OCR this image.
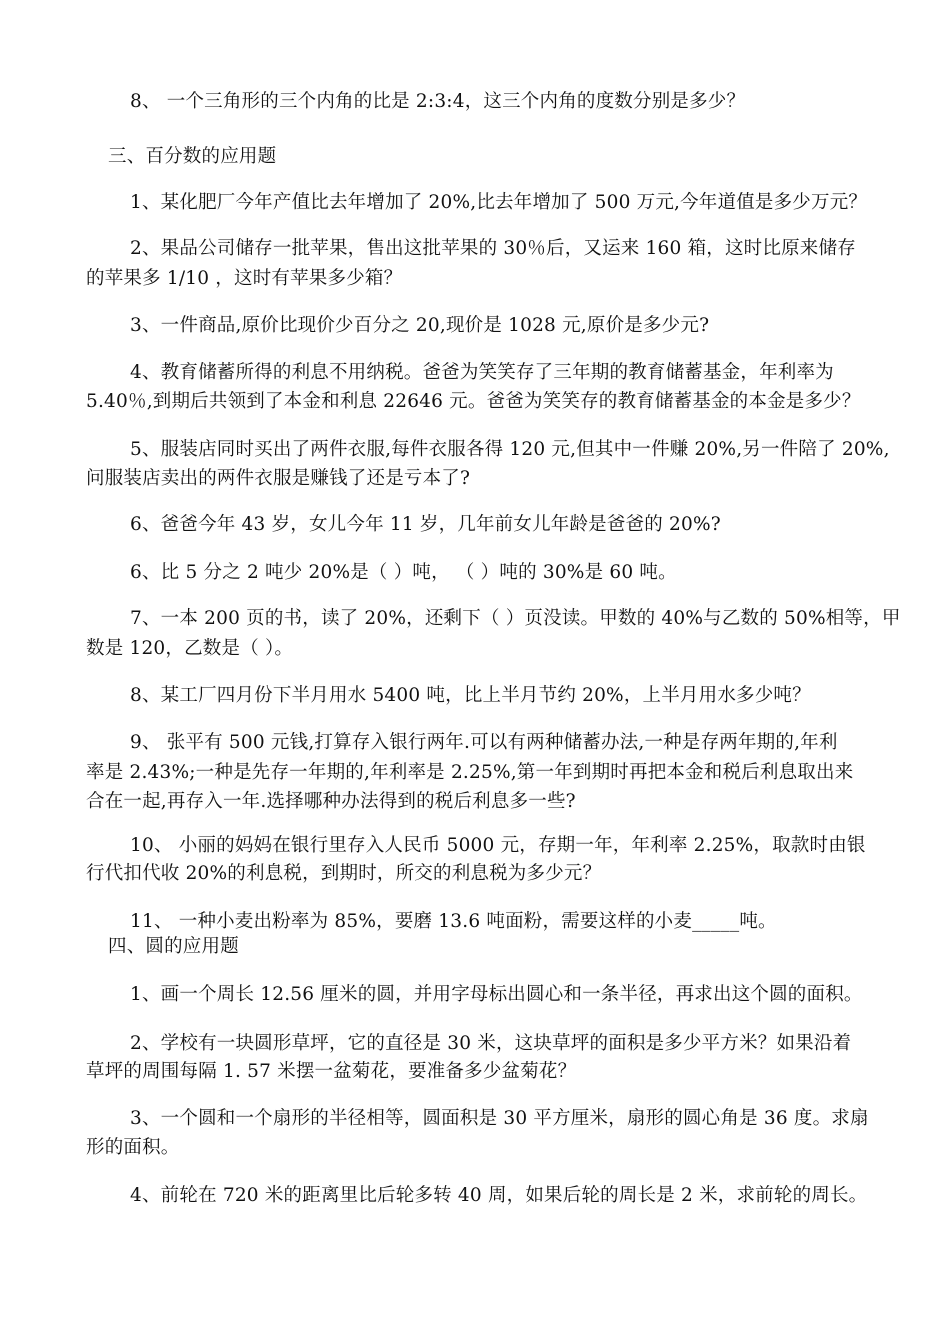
8、 一个三角形的三个内角的比是 2:3:4，这三个内角的度数分别是多少？
三、百分数的应用题
1、某化肥厂今年产值比去年增加了 20%,比去年增加了 500 万元,今年道值是多少万元？
2、果品公司储存一批苹果，售出这批苹果的 30％后，又运来 160 箱，这时比原来储存
的苹果多 1/10 ，这时有苹果多少箱？
3、一件商品,原价比现价少百分之 20,现价是 1028 元,原价是多少元?
4、教育储蓄所得的利息不用纳税。爸爸为笑笑存了三年期的教育储蓄基金，年利率为
5.40％,到期后共领到了本金和利息 22646 元。爸爸为笑笑存的教育储蓄基金的本金是多少？
5、服装店同时买出了两件衣服,每件衣服各得 120 元,但其中一件赚 20%,另一件陪了 20%,
问服装店卖出的两件衣服是赚钱了还是亏本了?
6、爸爸今年 43 岁，女儿今年 11 岁，几年前女儿年龄是爸爸的 20%?
6、比 5 分之 2 吨少 20%是（ ）吨， （ ）吨的 30%是 60 吨。
7、一本 200 页的书，读了 20%，还剩下（ ）页没读。甲数的 40%与乙数的 50%相等，甲
数是 120，乙数是（ ）。
8、某工厂四月份下半月用水 5400 吨，比上半月节约 20%，上半月用水多少吨？
9、 张平有 500 元钱,打算存入银行两年.可以有两种储蓄办法,一种是存两年期的,年利
率是 2.43%;一种是先存一年期的,年利率是 2.25%,第一年到期时再把本金和税后利息取出来
合在一起,再存入一年.选择哪种办法得到的税后利息多一些?
10、 小丽的妈妈在银行里存入人民币 5000 元，存期一年，年利率 2.25%，取款时由银
行代扣代收 20%的利息税，到期时，所交的利息税为多少元？
11、 一种小麦出粉率为 85%，要磨 13.6 吨面粉，需要这样的小麦_____吨。
四、圆的应用题
1、画一个周长 12.56 厘米的圆，并用字母标出圆心和一条半径，再求出这个圆的面积。
2、学校有一块圆形草坪，它的直径是 30 米，这块草坪的面积是多少平方米？如果沿着
草坪的周围每隔 1. 57 米摆一盆菊花，要准备多少盆菊花？
3、一个圆和一个扇形的半径相等，圆面积是 30 平方厘米，扇形的圆心角是 36 度。求扇
形的面积。
4、前轮在 720 米的距离里比后轮多转 40 周，如果后轮的周长是 2 米，求前轮的周长。
